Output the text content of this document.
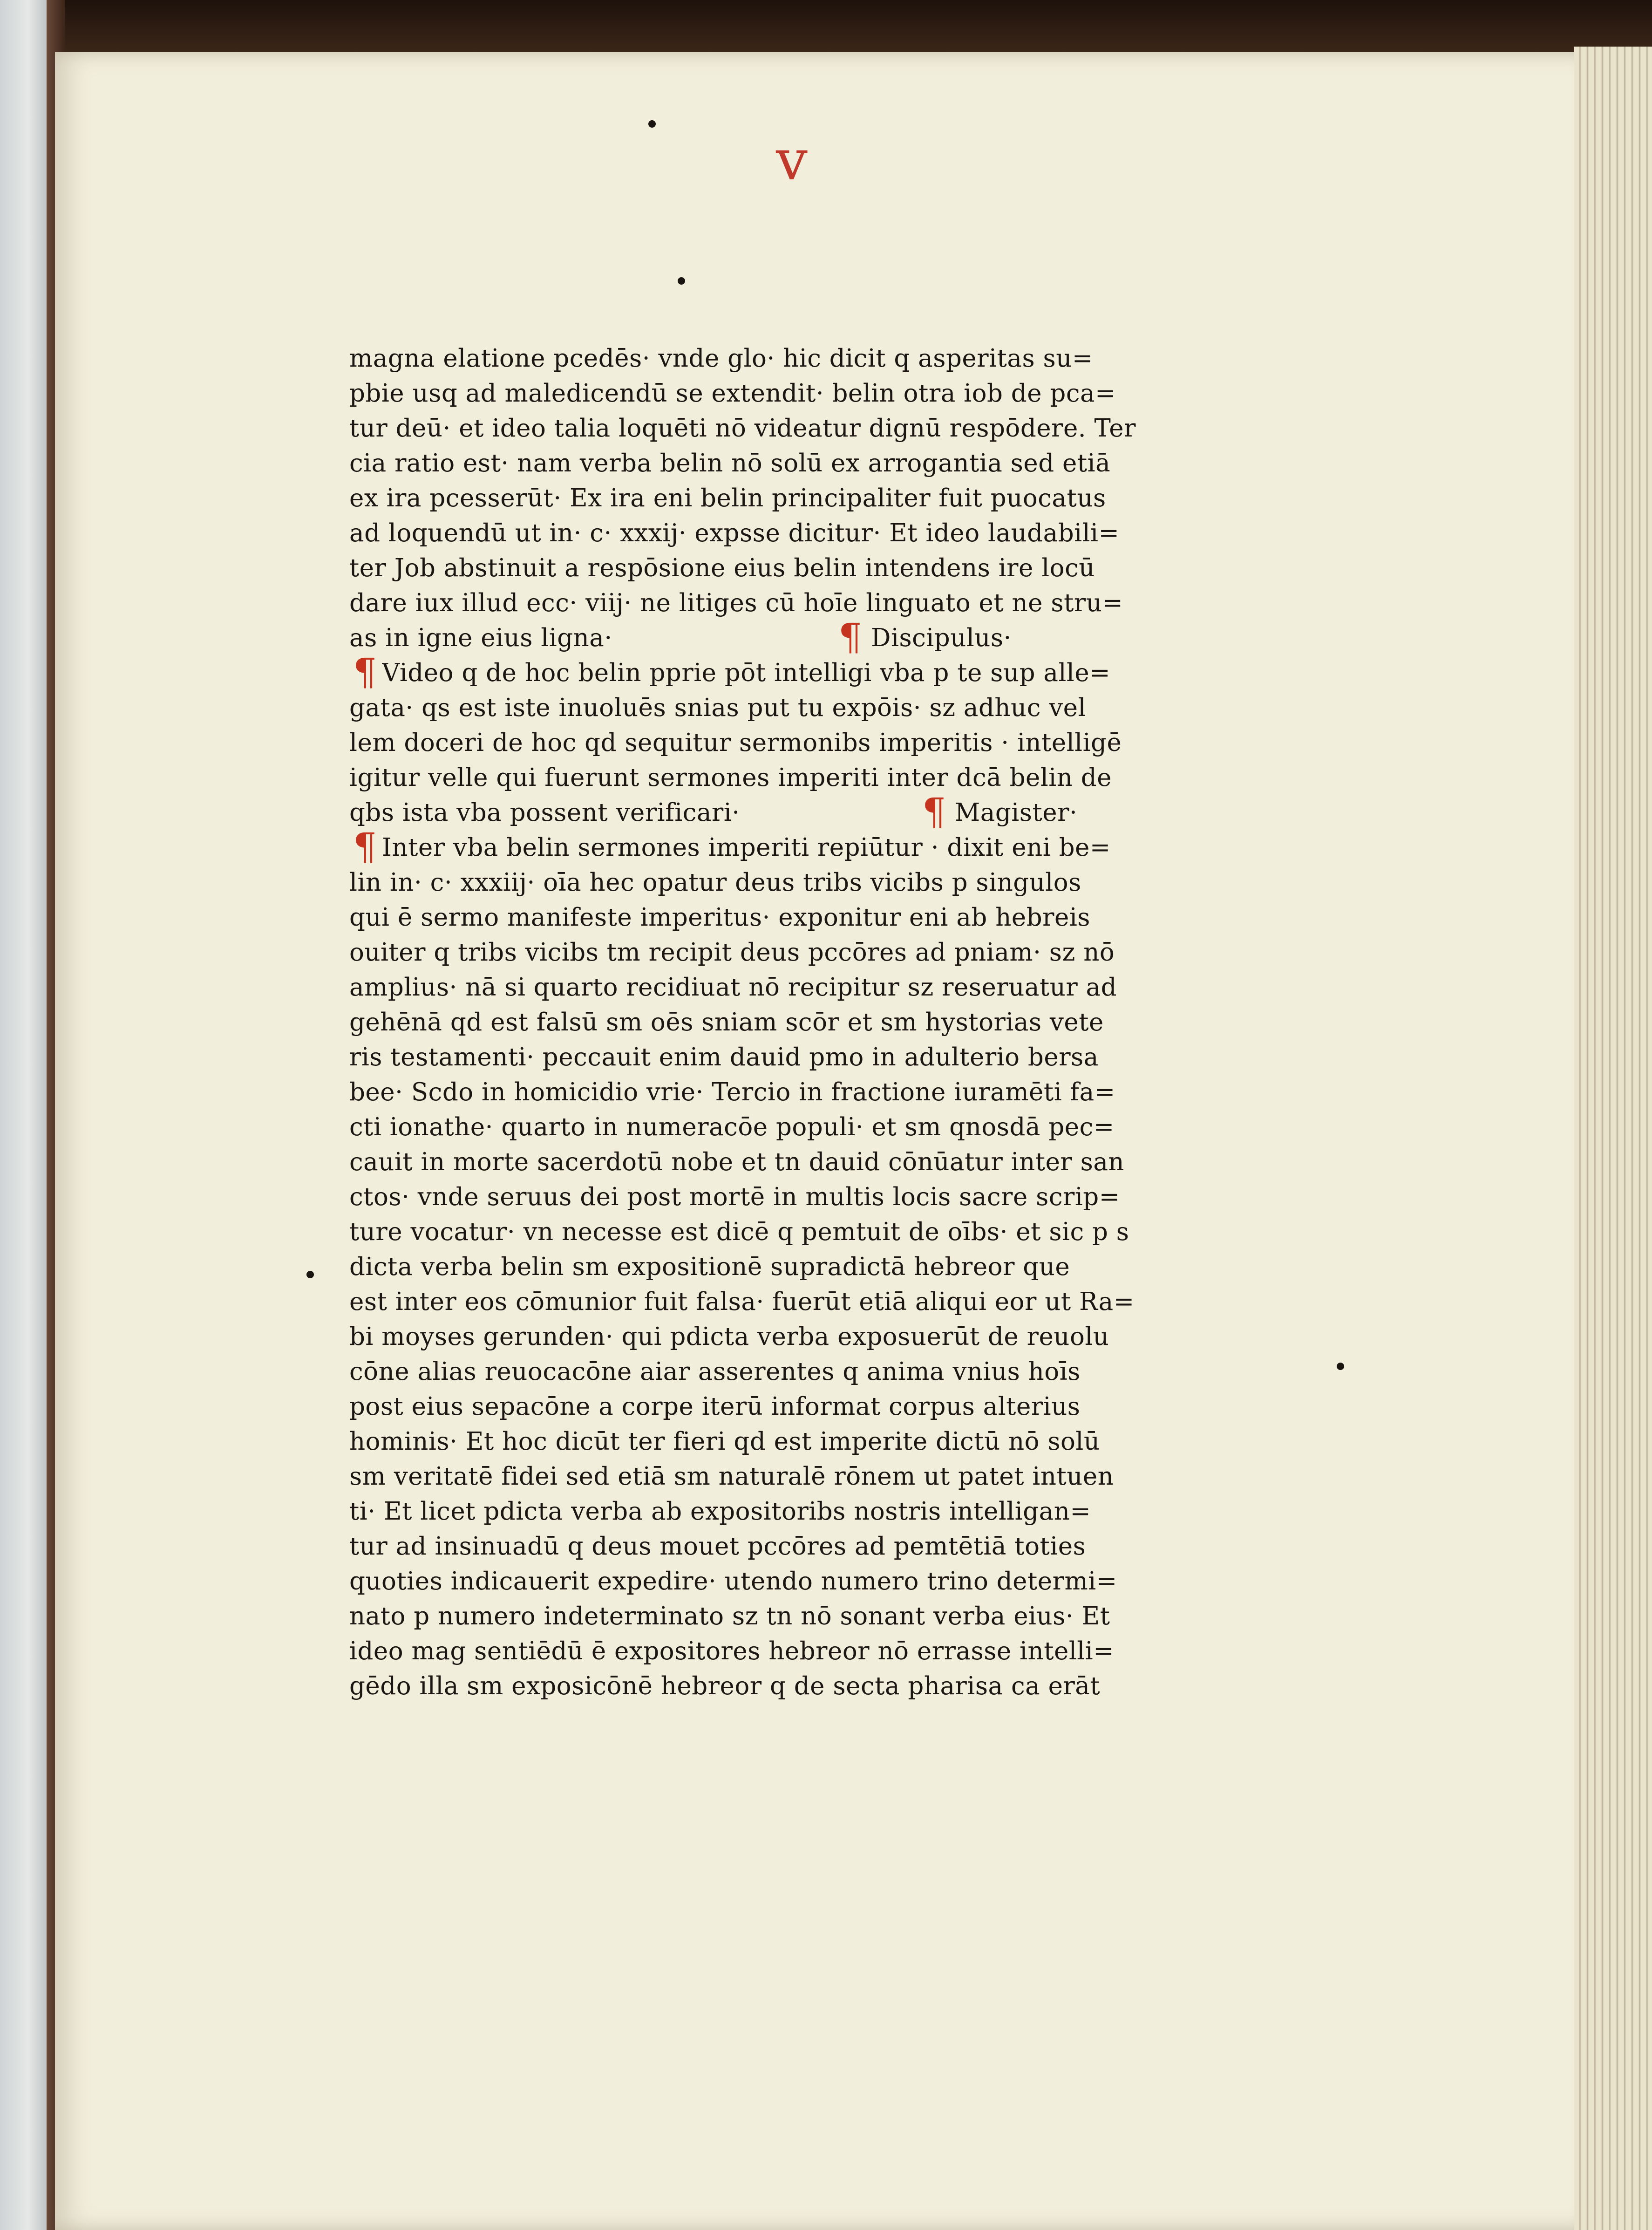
v
magna elatione pcedēs· vnde glo· hic dicit q asperitas su=
pbie usq ad maledicendū se extendit· belin otra iob de pca=
tur deū· et ideo talia loquēti nō videatur dignū respōdere. Ter
cia ratio est· nam verba belin nō solū ex arrogantia sed etiā
ex ira pcesserūt· Ex ira eni belin principaliter fuit puocatus
ad loquendū ut in· c· xxxij· expsse dicitur· Et ideo laudabili=
ter Job abstinuit a respōsione eius belin intendens ire locū
dare iux illud ecc· viij· ne litiges cū hoīe linguato et ne stru=
as in igne eius ligna·	¶ Discipulus·
¶ Video q de hoc belin pprie pōt intelligi vba p te sup alle=
gata· qs est iste inuoluēs snias put tu expōis· sz adhuc vel
lem doceri de hoc qd sequitur sermonibs imperitis · intelligē
igitur velle qui fuerunt sermones imperiti inter dcā belin de
qbs ista vba possent verificari·	¶ Magister·
¶ Inter vba belin sermones imperiti repiūtur · dixit eni be=
lin in· c· xxxiij· oīa hec opatur deus tribs vicibs p singulos
qui ē sermo manifeste imperitus· exponitur eni ab hebreis
ouiter q tribs vicibs tm recipit deus pccōres ad pniam· sz nō
amplius· nā si quarto recidiuat nō recipitur sz reseruatur ad
gehēnā qd est falsū sm oēs sniam scōr et sm hystorias vete
ris testamenti· peccauit enim dauid pmo in adulterio bersa
bee· Scdo in homicidio vrie· Tercio in fractione iuramēti fa=
cti ionathe· quarto in numeracōe populi· et sm qnosdā pec=
cauit in morte sacerdotū nobe et tn dauid cōnūatur inter san
ctos· vnde seruus dei post mortē in multis locis sacre scrip=
ture vocatur· vn necesse est dicē q pemtuit de oībs· et sic p s
dicta verba belin sm expositionē supradictā hebreor que
est inter eos cōmunior fuit falsa· fuerūt etiā aliqui eor ut Ra=
bi moyses gerunden· qui pdicta verba exposuerūt de reuolu
cōne alias reuocacōne aiar asserentes q anima vnius hoīs
post eius sepacōne a corpe iterū informat corpus alterius
hominis· Et hoc dicūt ter fieri qd est imperite dictū nō solū
sm veritatē fidei sed etiā sm naturalē rōnem ut patet intuen
ti· Et licet pdicta verba ab expositoribs nostris intelligan=
tur ad insinuadū q deus mouet pccōres ad pemtētiā toties
quoties indicauerit expedire· utendo numero trino determi=
nato p numero indeterminato sz tn nō sonant verba eius· Et
ideo mag sentiēdū ē expositores hebreor nō errasse intelli=
gēdo illa sm exposicōnē hebreor q de secta pharisa ca erāt
